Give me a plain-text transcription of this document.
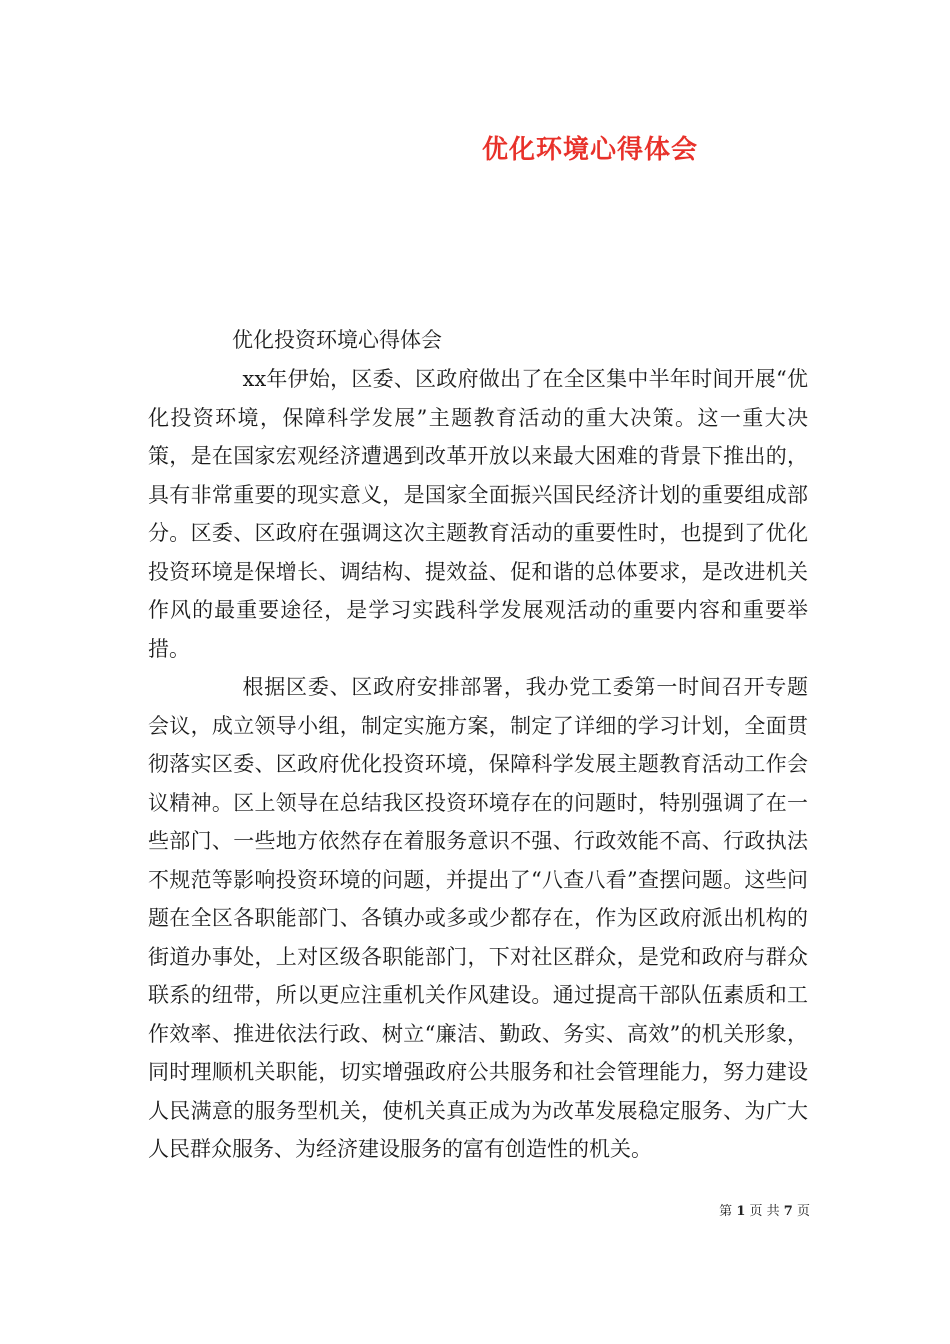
优化环境心得体会
优化投资环境心得体会

xx年伊始，区委、区政府做出了在全区集中半年时间开展“优化投资环境，保障科学发展”主题教育活动的重大决策。这一重大决策，是在国家宏观经济遭遇到改革开放以来最大困难的背景下推出的，具有非常重要的现实意义，是国家全面振兴国民经济计划的重要组成部分。区委、区政府在强调这次主题教育活动的重要性时，也提到了优化投资环境是保增长、调结构、提效益、促和谐的总体要求，是改进机关作风的最重要途径，是学习实践科学发展观活动的重要内容和重要举措。

根据区委、区政府安排部署，我办党工委第一时间召开专题会议，成立领导小组，制定实施方案，制定了详细的学习计划，全面贯彻落实区委、区政府优化投资环境，保障科学发展主题教育活动工作会议精神。区上领导在总结我区投资环境存在的问题时，特别强调了在一些部门、一些地方依然存在着服务意识不强、行政效能不高、行政执法不规范等影响投资环境的问题，并提出了“八查八看”查摆问题。这些问题在全区各职能部门、各镇办或多或少都存在，作为区政府派出机构的街道办事处，上对区级各职能部门，下对社区群众，是党和政府与群众联系的纽带，所以更应注重机关作风建设。通过提高干部队伍素质和工作效率、推进依法行政、树立“廉洁、勤政、务实、高效”的机关形象，同时理顺机关职能，切实增强政府公共服务和社会管理能力，努力建设人民满意的服务型机关，使机关真正成为为改革发展稳定服务、为广大人民群众服务、为经济建设服务的富有创造性的机关。

第 1 页 共 7 页
